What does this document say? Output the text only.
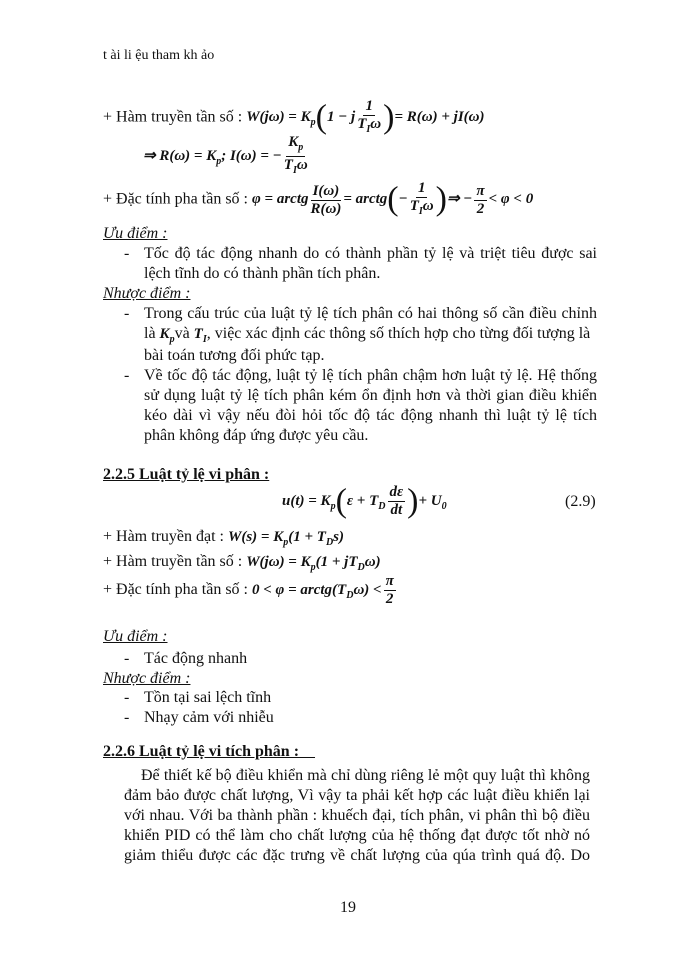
t ài li ệu tham kh ảo
+ Hàm truyền tần số : $W(j\omega) = K_p(1 - j \frac{1}{T_I\omega}$ )= R(ω) + jI(ω)
⇒ $R(\omega) = K_p$; I(ω) = − $\frac{K_p}{T_I\omega}$
+ Đặc tính pha tần số : φ = arctg $\frac{I(\omega)}{R(\omega)}$ = arctg(− $\frac{1}{T_I\omega}$ )⇒ − $\frac{\pi}{2} < \varphi < 0$
Ưu điểm :
- Tốc độ tác động nhanh do có thành phần tỷ lệ và triệt tiêu được sai
lệch tĩnh do có thành phần tích phân.
Nhược điểm :
- Trong cấu trúc của luật tỷ lệ tích phân có hai thông số cần điều chỉnh
là $K_pvà$ $T_I$, việc xác định các thông số thích hợp cho từng đối tượng là
bài toán tương đối phức tạp.
- Về tốc độ tác động, luật tỷ lệ tích phân chậm hơn luật tỷ lệ. Hệ thống
sử dụng luật tỷ lệ tích phân kém ổn định hơn và thời gian điều khiển
kéo dài vì vậy nếu đòi hỏi tốc độ tác động nhanh thì luật tỷ lệ tích
phân không đáp ứng được yêu cầu.
2.2.5 Luật tỷ lệ vi phân :
$u(t) = K_p(\varepsilon + T_D \frac{d\varepsilon}{dt}$ )+ $U_0$	(2.9)
+ Hàm truyền đạt : $W(s) = K_p(1 + T_Ds)$
+ Hàm truyền tần số : $W(j\omega) = K_p(1 + jT_D\omega)$
+ Đặc tính pha tần số : $0 < \varphi = arctg(T_D\omega) < \frac{\pi}{2}$
Ưu điểm :
- Tác động nhanh
Nhược điểm :
- Tồn tại sai lệch tĩnh
- Nhạy cảm với nhiễu
2.2.6 Luật tỷ lệ vi tích phân :
Để thiết kế bộ điều khiển mà chỉ dùng riêng lẻ một quy luật thì không
đảm bảo được chất lượng, Vì vậy ta phải kết hợp các luật điều khiển lại
với nhau. Với ba thành phần : khuếch đại, tích phân, vi phân thì bộ điều
khiển PID có thể làm cho chất lượng của hệ thống đạt được tốt nhờ nó
giảm thiểu được các đặc trưng về chất lượng của qúa trình quá độ. Do
19
